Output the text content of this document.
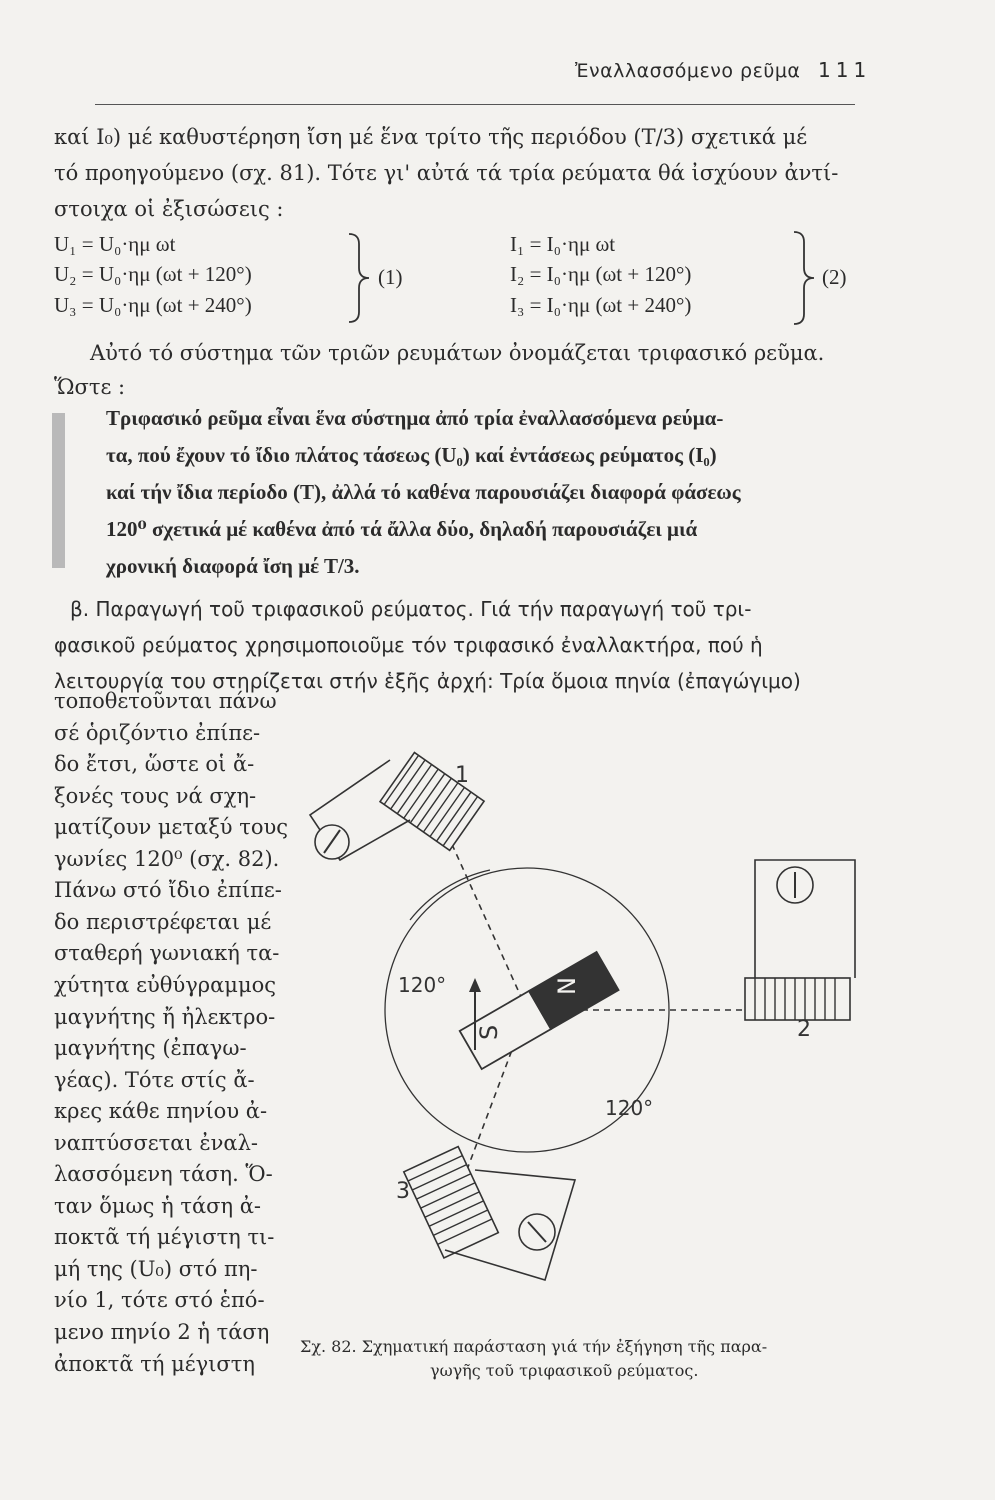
Ἐναλλασσόμενο ρεῦμα 111
καί I₀) μέ καθυστέρηση ἴση μέ ἕνα τρίτο τῆς περιόδου (Τ/3) σχετικά μέ
τό προηγούμενο (σχ. 81). Τότε γι' αὐτά τά τρία ρεύματα θά ἰσχύουν ἀντί-
στοιχα οἱ ἐξισώσεις :
U₁ = U₀·ημ ωt
U₂ = U₀·ημ (ωt + 120°)
U₃ = U₀·ημ (ωt + 240°)
(1)
I₁ = I₀·ημ ωt
I₂ = I₀·ημ (ωt + 120°)
I₃ = I₀·ημ (ωt + 240°)
(2)
Αὐτό τό σύστημα τῶν τριῶν ρευμάτων ὀνομάζεται τριφασικό ρεῦμα.
Ὥστε :
Τριφασικό ρεῦμα εἶναι ἕνα σύστημα ἀπό τρία ἐναλλασσόμενα ρεύμα-
τα, πού ἔχουν τό ἴδιο πλάτος τάσεως (U₀) καί ἐντάσεως ρεύματος (I₀)
καί τήν ἴδια περίοδο (Τ), ἀλλά τό καθένα παρουσιάζει διαφορά φάσεως
120⁰ σχετικά μέ καθένα ἀπό τά ἄλλα δύο, δηλαδή παρουσιάζει μιά
χρονική διαφορά ἴση μέ Τ/3.
β. Παραγωγή τοῦ τριφασικοῦ ρεύματος. Γιά τήν παραγωγή τοῦ τρι-
φασικοῦ ρεύματος χρησιμοποιοῦμε τόν τριφασικό ἐναλλακτήρα, πού ἡ
λειτουργία του στηρίζεται στήν ἑξῆς ἀρχή: Τρία ὅμοια πηνία (ἐπαγώγιμο)
τοποθετοῦνται πάνω
σέ ὁριζόντιο ἐπίπε-
δο ἔτσι, ὥστε οἱ ἄ-
ξονές τους νά σχη-
ματίζουν μεταξύ τους
γωνίες 120⁰ (σχ. 82).
Πάνω στό ἴδιο ἐπίπε-
δο περιστρέφεται μέ
σταθερή γωνιακή τα-
χύτητα εὐθύγραμμος
μαγνήτης ἤ ἠλεκτρο-
μαγνήτης (ἐπαγω-
γέας). Τότε στίς ἄ-
κρες κάθε πηνίου ἀ-
ναπτύσσεται ἐναλ-
λασσόμενη τάση. Ὅ-
ταν ὅμως ἡ τάση ἀ-
ποκτᾶ τή μέγιστη τι-
μή της (U₀) στό πη-
νίο 1, τότε στό ἑπό-
μενο πηνίο 2 ἡ τάση
ἀποκτᾶ τή μέγιστη
1
2
3
N
S
120°
120°
Σχ. 82. Σχηματική παράσταση γιά τήν ἐξήγηση τῆς παρα-
γωγῆς τοῦ τριφασικοῦ ρεύματος.
